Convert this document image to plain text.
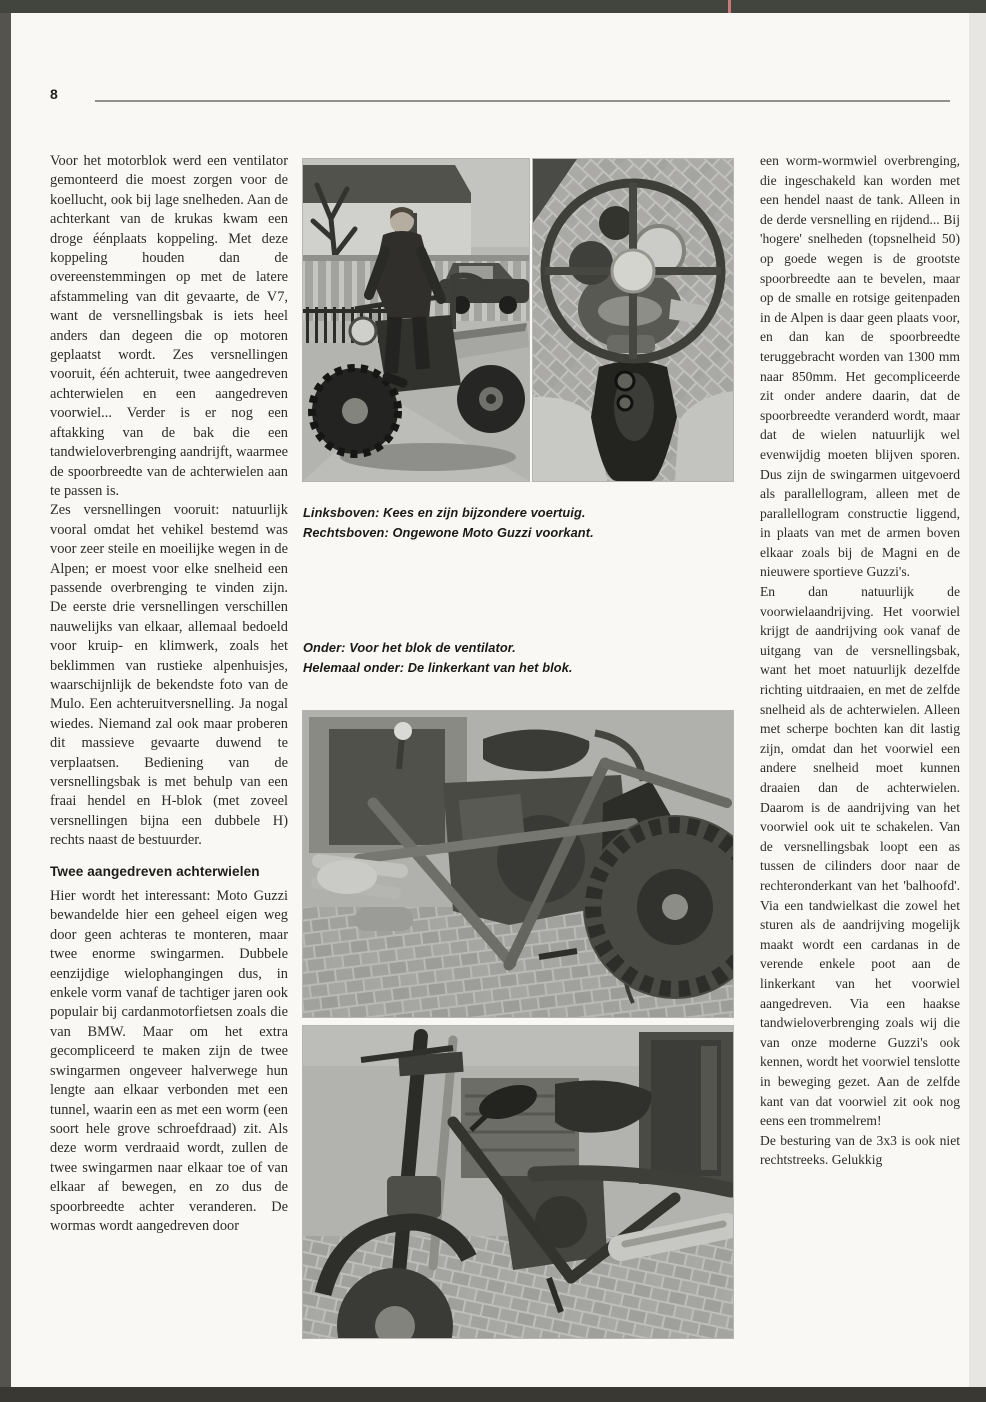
8

Voor het motorblok werd een ventilator gemonteerd die moest zorgen voor de koellucht, ook bij lage snelheden. Aan de achterkant van de krukas kwam een droge éénplaats koppeling. Met deze koppeling houden dan de overeenstemmingen op met de latere afstammeling van dit gevaarte, de V7, want de versnellingsbak is iets heel anders dan degeen die op motoren geplaatst wordt. Zes versnellingen vooruit, één achteruit, twee aangedreven achterwielen en een aangedreven voorwiel... Verder is er nog een aftakking van de bak die een tandwieloverbrenging aandrijft, waarmee de spoorbreedte van de achterwielen aan te passen is.

Zes versnellingen vooruit: natuurlijk vooral omdat het vehikel bestemd was voor zeer steile en moeilijke wegen in de Alpen; er moest voor elke snelheid een passende overbrenging te vinden zijn. De eerste drie versnellingen verschillen nauwelijks van elkaar, allemaal bedoeld voor kruip- en klimwerk, zoals het beklimmen van rustieke alpenhuisjes, waarschijnlijk de bekendste foto van de Mulo. Een achteruitversnelling. Ja nogal wiedes. Niemand zal ook maar proberen dit massieve gevaarte duwend te verplaatsen. Bediening van de versnellingsbak is met behulp van een fraai hendel en H-blok (met zoveel versnellingen bijna een dubbele H) rechts naast de bestuurder.

Twee aangedreven achterwielen

Hier wordt het interessant: Moto Guzzi bewandelde hier een geheel eigen weg door geen achteras te monteren, maar twee enorme swingarmen. Dubbele eenzijdige wielophangingen dus, in enkele vorm vanaf de tachtiger jaren ook populair bij cardanmotorfietsen zoals die van BMW. Maar om het extra gecompliceerd te maken zijn de twee swingarmen ongeveer halverwege hun lengte aan elkaar verbonden met een tunnel, waarin een as met een worm (een soort hele grove schroefdraad) zit. Als deze worm verdraaid wordt, zullen de twee swingarmen naar elkaar toe of van elkaar af bewegen, en zo dus de spoorbreedte achter veranderen. De wormas wordt aangedreven door

Linksboven: Kees en zijn bijzondere voertuig.
Rechtsboven: Ongewone Moto Guzzi voorkant.
Onder: Voor het blok de ventilator.
Helemaal onder: De linkerkant van het blok.

een worm-wormwiel overbrenging, die ingeschakeld kan worden met een hendel naast de tank. Alleen in de derde versnelling en rijdend... Bij 'hogere' snelheden (topsnelheid 50) op goede wegen is de grootste spoorbreedte aan te bevelen, maar op de smalle en rotsige geitenpaden in de Alpen is daar geen plaats voor, en dan kan de spoorbreedte teruggebracht worden van 1300 mm naar 850mm. Het gecompliceerde zit onder andere daarin, dat de spoorbreedte veranderd wordt, maar dat de wielen natuurlijk wel evenwijdig moeten blijven sporen. Dus zijn de swingarmen uitgevoerd als parallellogram, alleen met de parallellogram constructie liggend, in plaats van met de armen boven elkaar zoals bij de Magni en de nieuwere sportieve Guzzi's.

En dan natuurlijk de voorwielaandrijving. Het voorwiel krijgt de aandrijving ook vanaf de uitgang van de versnellingsbak, want het moet natuurlijk dezelfde richting uitdraaien, en met de zelfde snelheid als de achterwielen. Alleen met scherpe bochten kan dit lastig zijn, omdat dan het voorwiel een andere snelheid moet kunnen draaien dan de achterwielen. Daarom is de aandrijving van het voorwiel ook uit te schakelen. Van de versnellingsbak loopt een as tussen de cilinders door naar de rechteronderkant van het 'balhoofd'. Via een tandwielkast die zowel het sturen als de aandrijving mogelijk maakt wordt een cardanas in de verende enkele poot aan de linkerkant van het voorwiel aangedreven. Via een haakse tandwieloverbrenging zoals wij die van onze moderne Guzzi's ook kennen, wordt het voorwiel tenslotte in beweging gezet. Aan de zelfde kant van dat voorwiel zit ook nog eens een trommelrem!

De besturing van de 3x3 is ook niet rechtstreeks. Gelukkig
